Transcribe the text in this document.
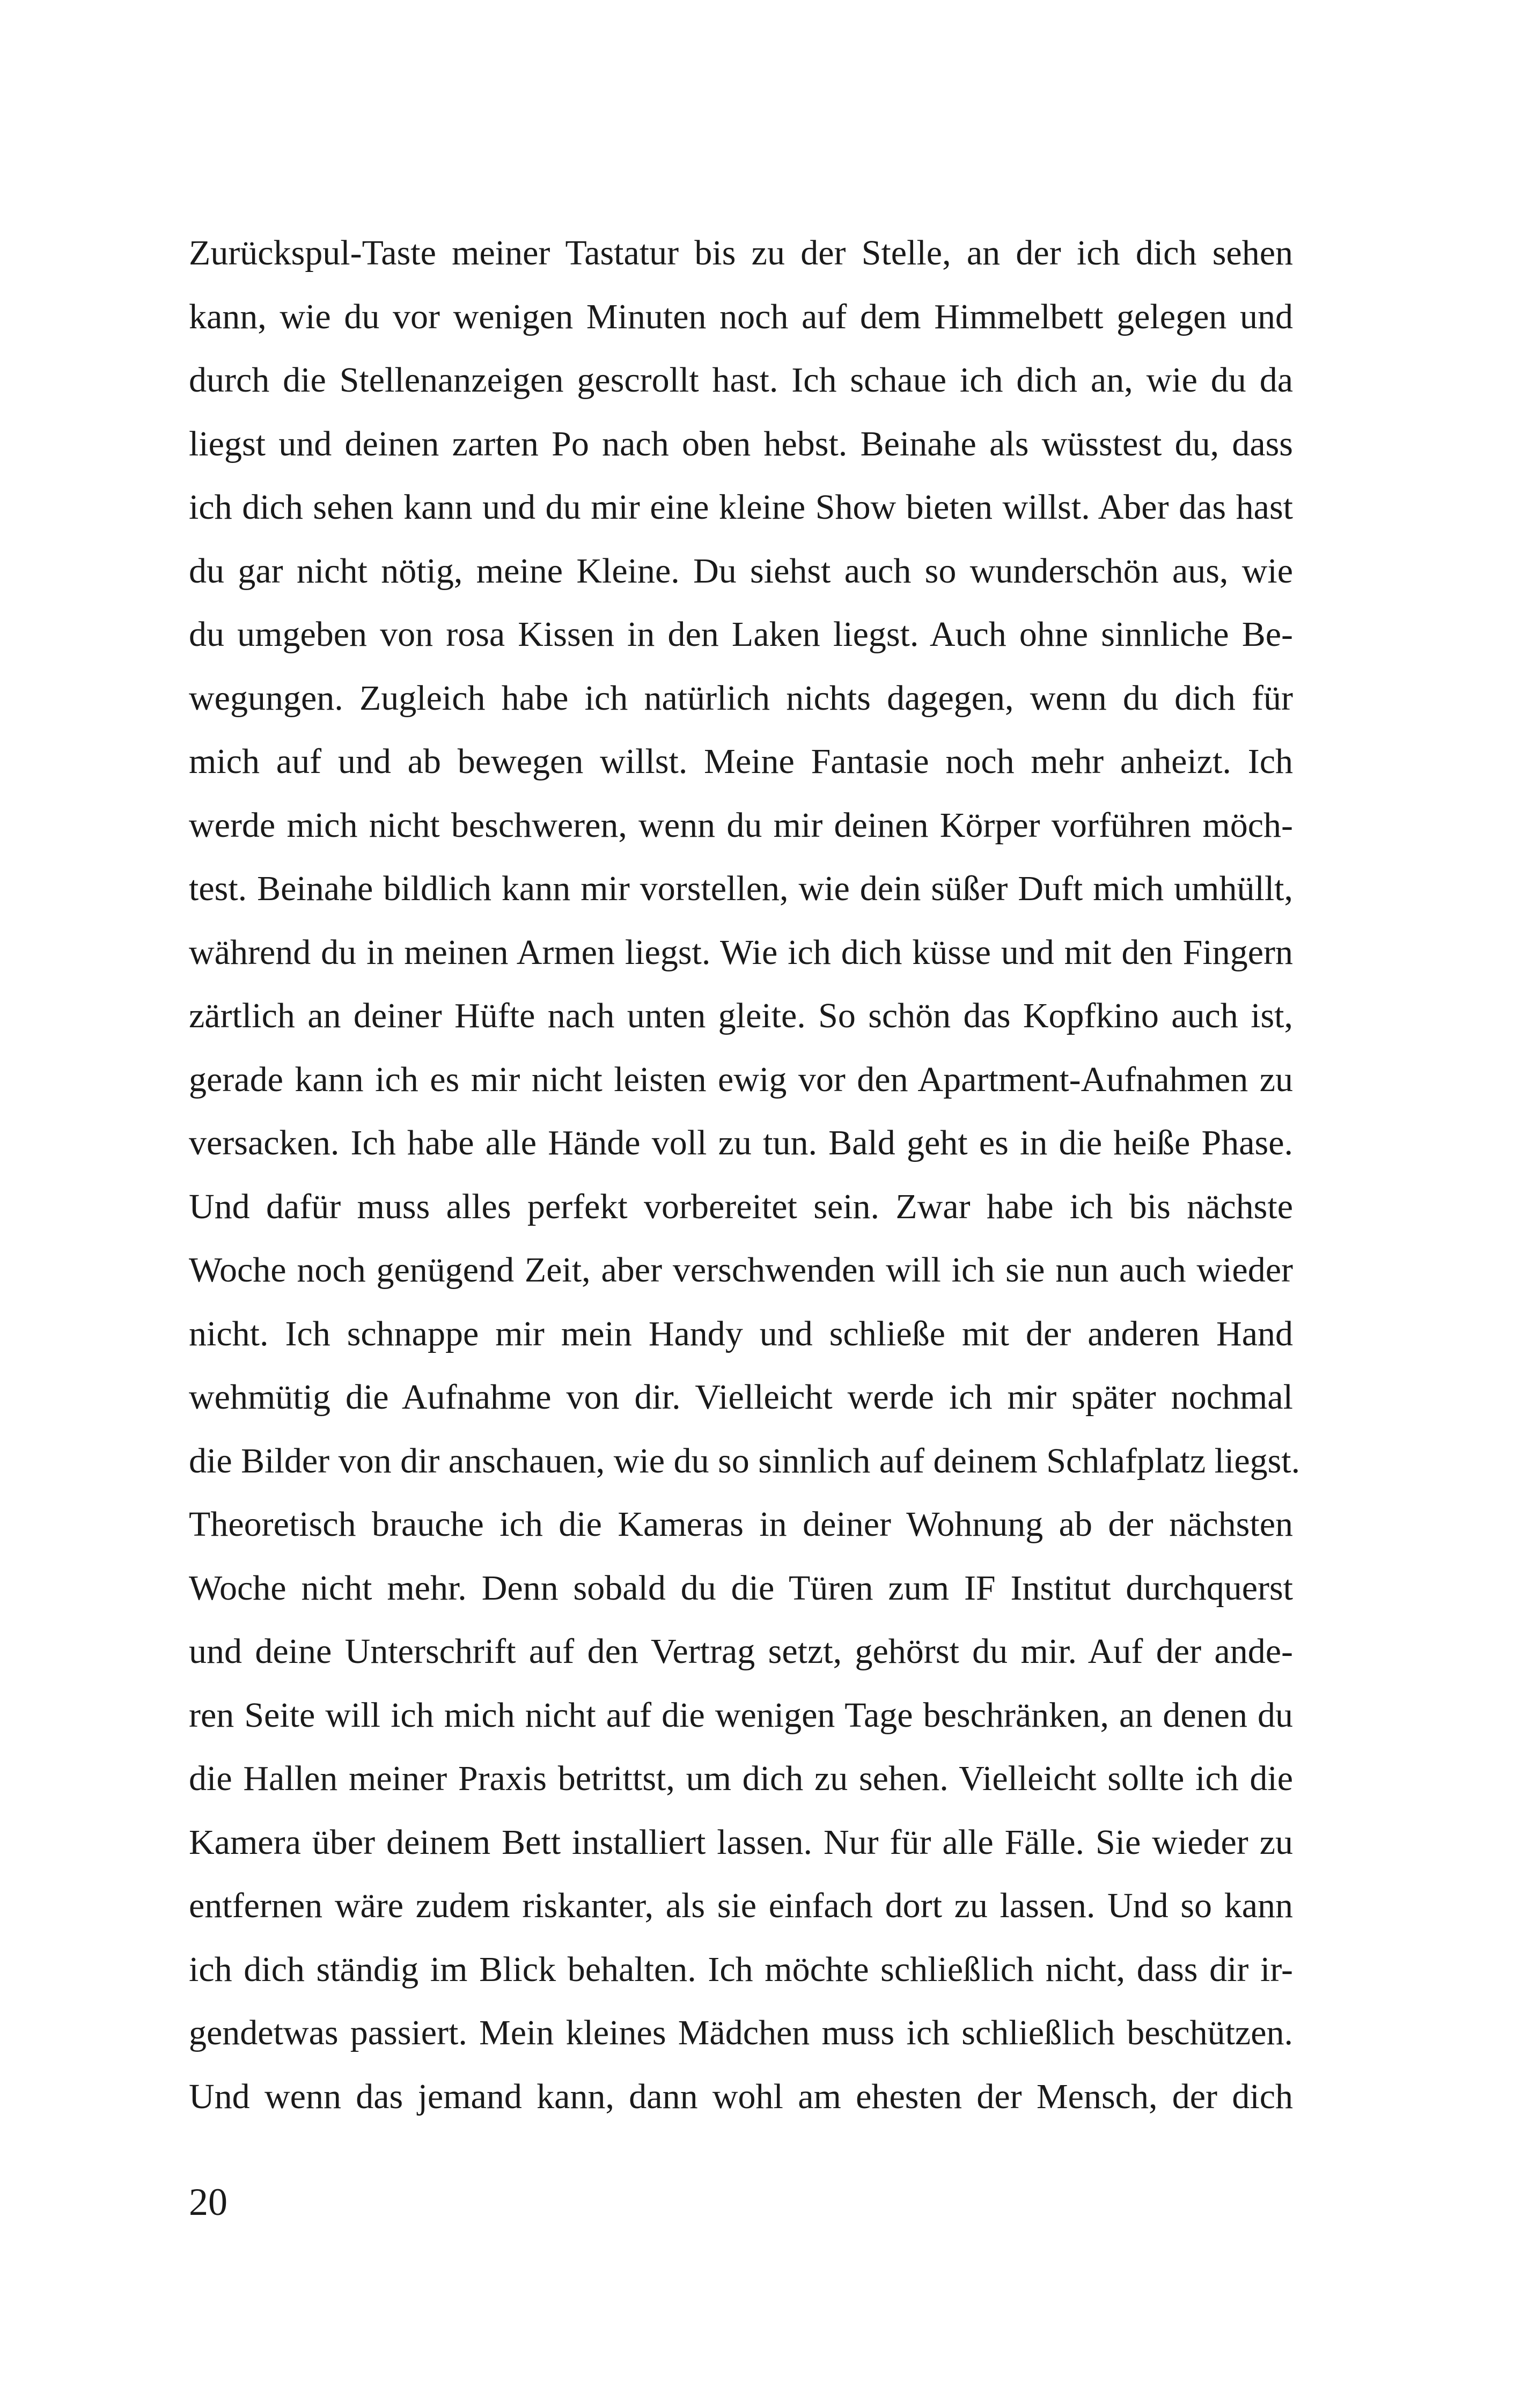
Zurückspul-Taste meiner Tastatur bis zu der Stelle, an der ich dich sehen
kann, wie du vor wenigen Minuten noch auf dem Himmelbett gelegen und
durch die Stellenanzeigen gescrollt hast. Ich schaue ich dich an, wie du da
liegst und deinen zarten Po nach oben hebst. Beinahe als wüsstest du, dass
ich dich sehen kann und du mir eine kleine Show bieten willst. Aber das hast
du gar nicht nötig, meine Kleine. Du siehst auch so wunderschön aus, wie
du umgeben von rosa Kissen in den Laken liegst. Auch ohne sinnliche Be-
wegungen. Zugleich habe ich natürlich nichts dagegen, wenn du dich für
mich auf und ab bewegen willst. Meine Fantasie noch mehr anheizt. Ich
werde mich nicht beschweren, wenn du mir deinen Körper vorführen möch-
test. Beinahe bildlich kann mir vorstellen, wie dein süßer Duft mich umhüllt,
während du in meinen Armen liegst. Wie ich dich küsse und mit den Fingern
zärtlich an deiner Hüfte nach unten gleite. So schön das Kopfkino auch ist,
gerade kann ich es mir nicht leisten ewig vor den Apartment-Aufnahmen zu
versacken. Ich habe alle Hände voll zu tun. Bald geht es in die heiße Phase.
Und dafür muss alles perfekt vorbereitet sein. Zwar habe ich bis nächste
Woche noch genügend Zeit, aber verschwenden will ich sie nun auch wieder
nicht. Ich schnappe mir mein Handy und schließe mit der anderen Hand
wehmütig die Aufnahme von dir. Vielleicht werde ich mir später nochmal
die Bilder von dir anschauen, wie du so sinnlich auf deinem Schlafplatz liegst.
Theoretisch brauche ich die Kameras in deiner Wohnung ab der nächsten
Woche nicht mehr. Denn sobald du die Türen zum IF Institut durchquerst
und deine Unterschrift auf den Vertrag setzt, gehörst du mir. Auf der ande-
ren Seite will ich mich nicht auf die wenigen Tage beschränken, an denen du
die Hallen meiner Praxis betrittst, um dich zu sehen. Vielleicht sollte ich die
Kamera über deinem Bett installiert lassen. Nur für alle Fälle. Sie wieder zu
entfernen wäre zudem riskanter, als sie einfach dort zu lassen. Und so kann
ich dich ständig im Blick behalten. Ich möchte schließlich nicht, dass dir ir-
gendetwas passiert. Mein kleines Mädchen muss ich schließlich beschützen.
Und wenn das jemand kann, dann wohl am ehesten der Mensch, der dich
20
